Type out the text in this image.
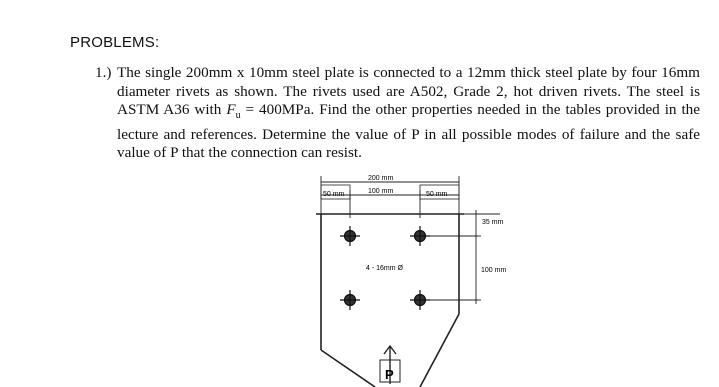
PROBLEMS:
1.) The single 200mm x 10mm steel plate is connected to a 12mm thick steel plate by four 16mm diameter rivets as shown. The rivets used are A502, Grade 2, hot driven rivets. The steel is ASTM A36 with $F_u = 400MPa$. Find the other properties needed in the tables provided in the lecture and references. Determine the value of P in all possible modes of failure and the safe value of P that the connection can resist.
200 mm
50 mm	100 mm	50 mm
35 mm
100 mm
4 - 16mm Ø
P
